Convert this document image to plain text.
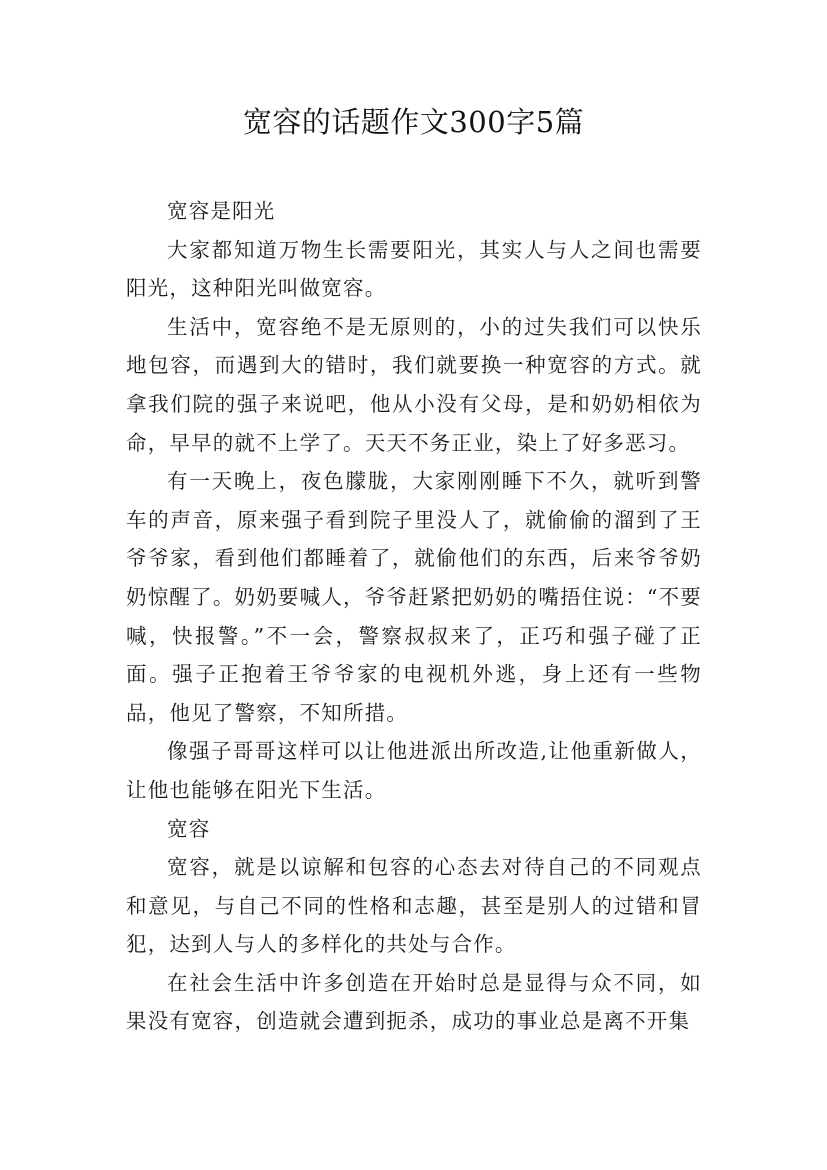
宽容的话题作文300字5篇

宽容是阳光

大家都知道万物生长需要阳光，其实人与人之间也需要阳光，这种阳光叫做宽容。

生活中，宽容绝不是无原则的，小的过失我们可以快乐地包容，而遇到大的错时，我们就要换一种宽容的方式。就拿我们院的强子来说吧，他从小没有父母，是和奶奶相依为命，早早的就不上学了。天天不务正业，染上了好多恶习。

有一天晚上，夜色朦胧，大家刚刚睡下不久，就听到警车的声音，原来强子看到院子里没人了，就偷偷的溜到了王爷爷家，看到他们都睡着了，就偷他们的东西，后来爷爷奶奶惊醒了。奶奶要喊人，爷爷赶紧把奶奶的嘴捂住说：“不要喊，快报警。”不一会，警察叔叔来了，正巧和强子碰了正面。强子正抱着王爷爷家的电视机外逃，身上还有一些物品，他见了警察，不知所措。

像强子哥哥这样可以让他进派出所改造,让他重新做人，让他也能够在阳光下生活。

宽容

宽容，就是以谅解和包容的心态去对待自己的不同观点和意见，与自己不同的性格和志趣，甚至是别人的过错和冒犯，达到人与人的多样化的共处与合作。

在社会生活中许多创造在开始时总是显得与众不同，如果没有宽容，创造就会遭到扼杀，成功的事业总是离不开集
